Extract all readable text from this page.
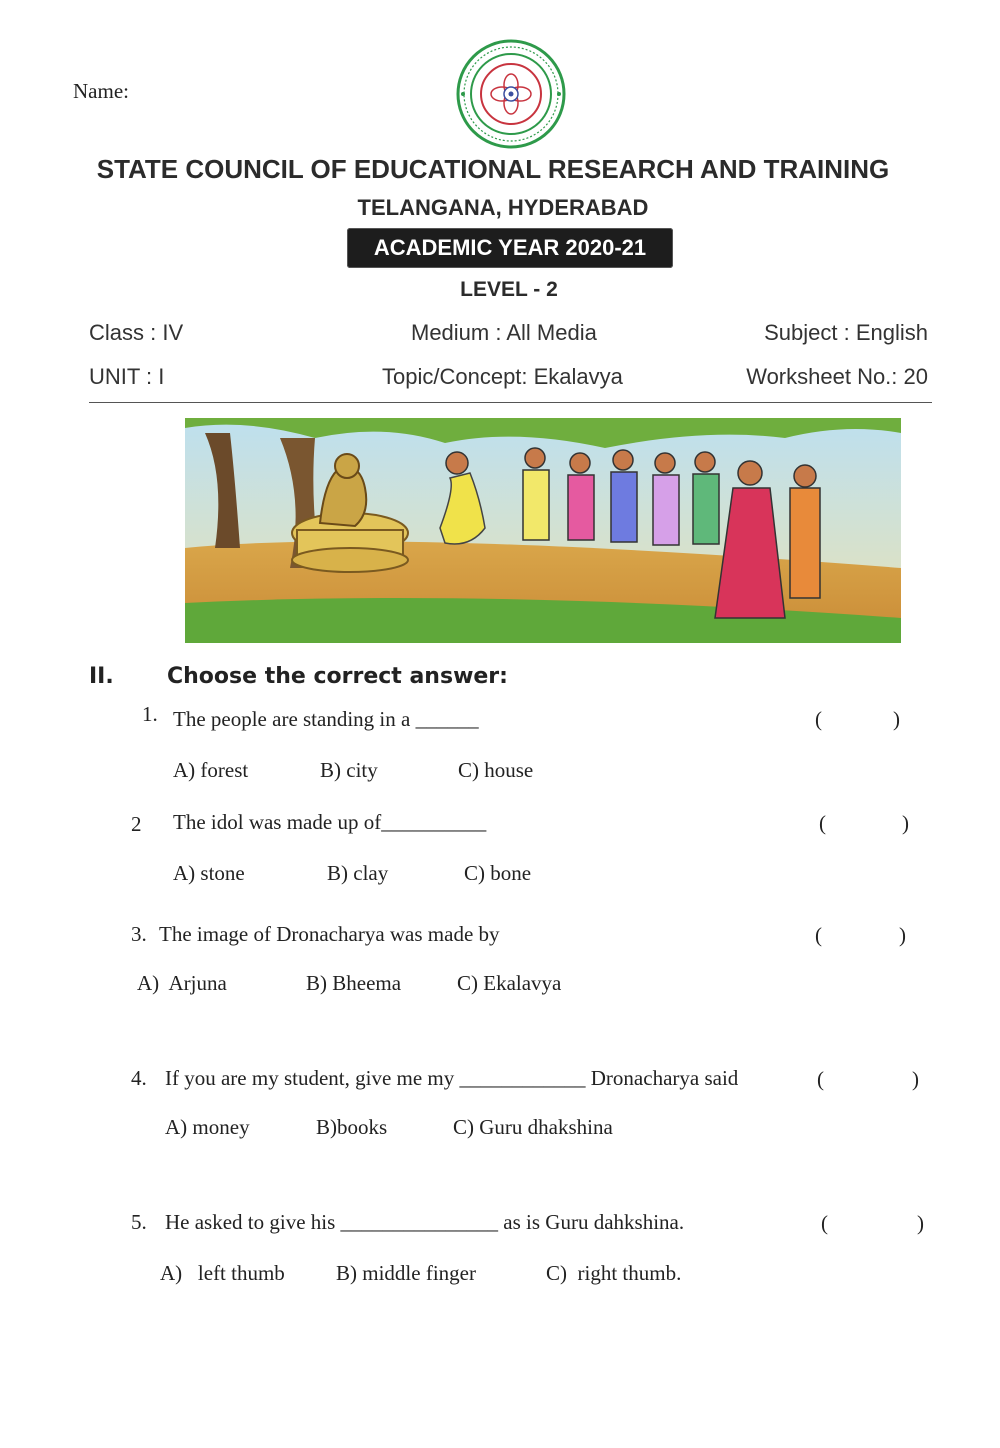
Name:
STATE COUNCIL OF EDUCATIONAL RESEARCH AND TRAINING
TELANGANA, HYDERABAD
ACADEMIC YEAR 2020-21
LEVEL - 2
Class : IV	Medium : All Media	Subject : English
UNIT : I	Topic/Concept: Ekalavya	Worksheet No.: 20
II. Choose the correct answer:
1. The people are standing in a ______	(	)
A) forest	B) city	C) house
2 The idol was made up of__________	(	)
A) stone	B) clay	C) bone
3. The image of Dronacharya was made by	(	)
A)  Arjuna	B) Bheema	C) Ekalavya
4. If you are my student, give me my ____________ Dronacharya said	(	)
A) money	B)books	C) Guru dhakshina
5. He asked to give his _______________ as is Guru dahkshina.	(	)
A)   left thumb B) middle finger	C)  right thumb.
